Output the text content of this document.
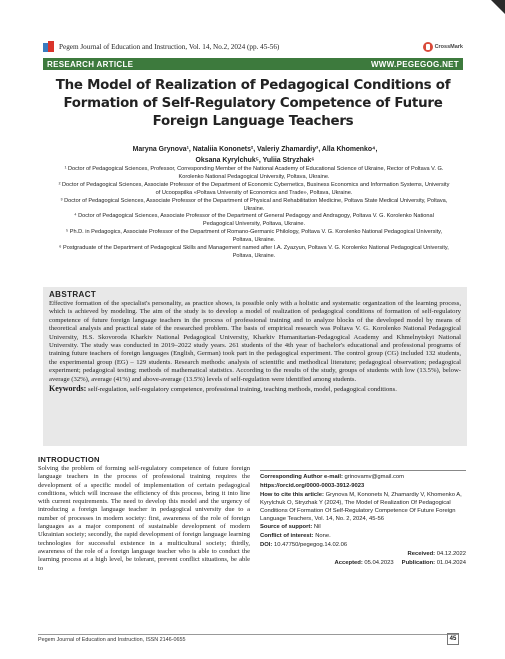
Pegem Journal of Education and Instruction, Vol. 14, No.2, 2024 (pp. 45-56)	CrossMark
RESEARCH ARTICLE	WWW.PEGEGOG.NET
The Model of Realization of Pedagogical Conditions of Formation of Self-Regulatory Competence of Future Foreign Language Teachers
Maryna Grynova¹, Nataliia Kononets², Valeriy Zhamardiy³, Alla Khomenko⁴,
Oksana Kyrylchuk⁵, Yuliia Stryzhak⁶

¹ Doctor of Pedagogical Sciences, Professor, Corresponding Member of the National Academy of Educational Science of Ukraine, Rector of Poltava V. G. Korolenko National Pedagogical University, Poltava, Ukraine.

² Doctor of Pedagogical Sciences, Associate Professor of the Department of Economic Cybernetics, Business Economics and Information Systems, University of Ucoopspilka «Poltava University of Economics and Trade», Poltava, Ukraine.

³ Doctor of Pedagogical Sciences, Associate Professor of the Department of Physical and Rehabilitation Medicine, Poltava State Medical University, Poltava, Ukraine.

⁴ Doctor of Pedagogical Sciences, Associate Professor of the Department of General Pedagogy and Andragogy, Poltava V. G. Korolenko National Pedagogical University, Poltava, Ukraine.

⁵ Ph.D. in Pedagogics, Associate Professor of the Department of Romano-Germanic Philology, Poltava V. G. Korolenko National Pedagogical University, Poltava, Ukraine.

⁶ Postgraduate of the Department of Pedagogical Skills and Management named after I.A. Zyazyun, Poltava V. G. Korolenko National Pedagogical University, Poltava, Ukraine.

ABSTRACT
Effective formation of the specialist's personality, as practice shows, is possible only with a holistic and systematic organization of the learning process, which is achieved by modeling. The aim of the study is to develop a model of realization of pedagogical conditions of formation of self-regulatory competence of future foreign language teachers in the process of professional training and to analyze blocks of the developed model by means of theoretical analysis and practical state of the researched problem. The basis of empirical research was Poltava V. G. Korolenko National Pedagogical University, H.S. Skovoroda Kharkiv National Pedagogical University, Kharkiv Humanitarian-Pedagogical Academy and Khmelnytskyi National University. The study was conducted in 2019–2022 study years. 261 students of the 4th year of bachelor's educational and professional programs of training future teachers of foreign languages (English, German) took part in the pedagogical experiment. The control group (CG) included 132 students, the experimental group (EG) – 129 students. Research methods: analysis of scientific and methodical literature; pedagogical observation; pedagogical experiment; pedagogical testing; methods of mathematical statistics. According to the results of the study, groups of students with low (13.5%), below-average (32%), average (41%) and above-average (13.5%) levels of self-regulation were identified among students.
Keywords: self-regulation, self-regulatory competence, professional training, teaching methods, model, pedagogical conditions.
INTRODUCTION
Solving the problem of forming self-regulatory competence of future foreign language teachers in the process of professional training requires the development of a specific model of implementation of certain pedagogical conditions, which will increase the efficiency of this process, bring it into line with current requirements. The need to develop this model and the urgency of introducing a foreign language teacher in pedagogical university due to a number of processes in modern society: first, awareness of the role of foreign languages as a major component of sustainable development of modern Ukrainian society; secondly, the rapid development of foreign language learning technologies for successful existence in a multicultural society; thirdly, awareness of the role of a foreign language teacher who is able to conduct the learning process at a high level, be tolerant, prevent conflict situations, be able to
Corresponding Author e-mail: grinovamv@gmail.com
https://orcid.org/0000-0003-3912-9023
How to cite this article: Grynova M, Kononets N, Zhamardiy V, Khomenko A, Kyrylchuk O, Stryzhak Y (2024), The Model of Realization Of Pedagogical Conditions Of Formation Of Self-Regulatory Competence Of Future Foreign Language Teachers, Vol. 14, No. 2, 2024, 45-56
Source of support: Nil
Conflict of interest: None.
DOI: 10.47750/pegegog.14.02.06
Received: 04.12.2022
Accepted: 05.04.2023 Publication: 01.04.2024
Pegem Journal of Education and Instruction, ISSN 2146-0655	45
